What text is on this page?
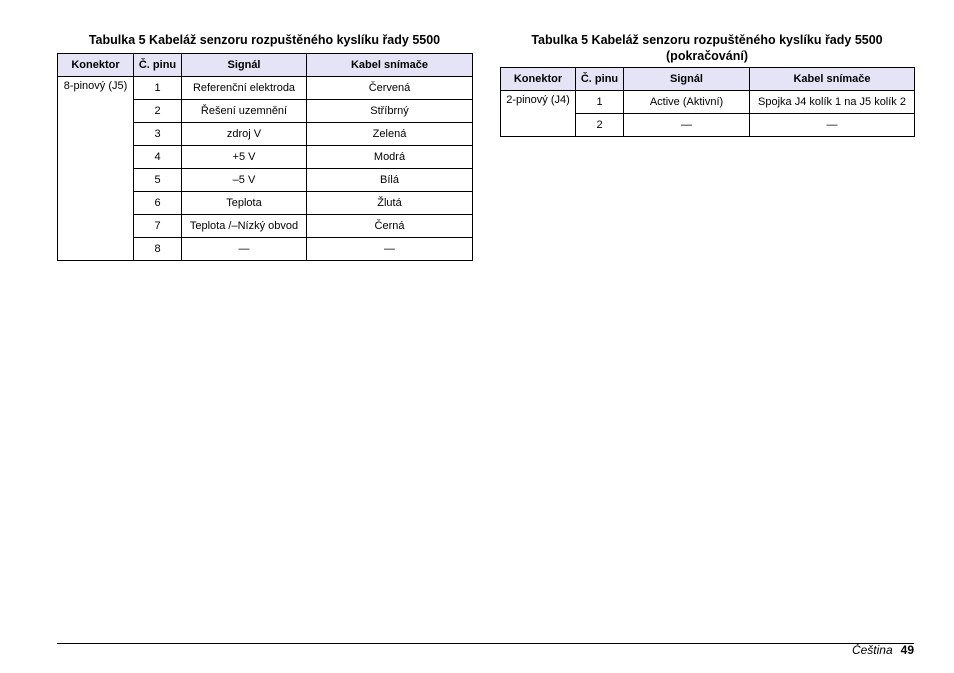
Tabulka 5 Kabeláž senzoru rozpuštěného kyslíku řady 5500
Konektor	Č. pinu	Signál	Kabel snímače
8-pinový (J5)	1	Referenční elektroda	Červená
	2	Řešení uzemnění	Stříbrný
	3	zdroj V	Zelená
	4	+5 V	Modrá
	5	–5 V	Bílá
	6	Teplota	Žlutá
	7	Teplota /–Nízký obvod	Černá
	8	—	—
Tabulka 5 Kabeláž senzoru rozpuštěného kyslíku řady 5500
(pokračování)
Konektor	Č. pinu	Signál	Kabel snímače
2-pinový (J4)	1	Active (Aktivní)	Spojka J4 kolík 1 na J5 kolík 2
	2	—	—
Čeština 49
